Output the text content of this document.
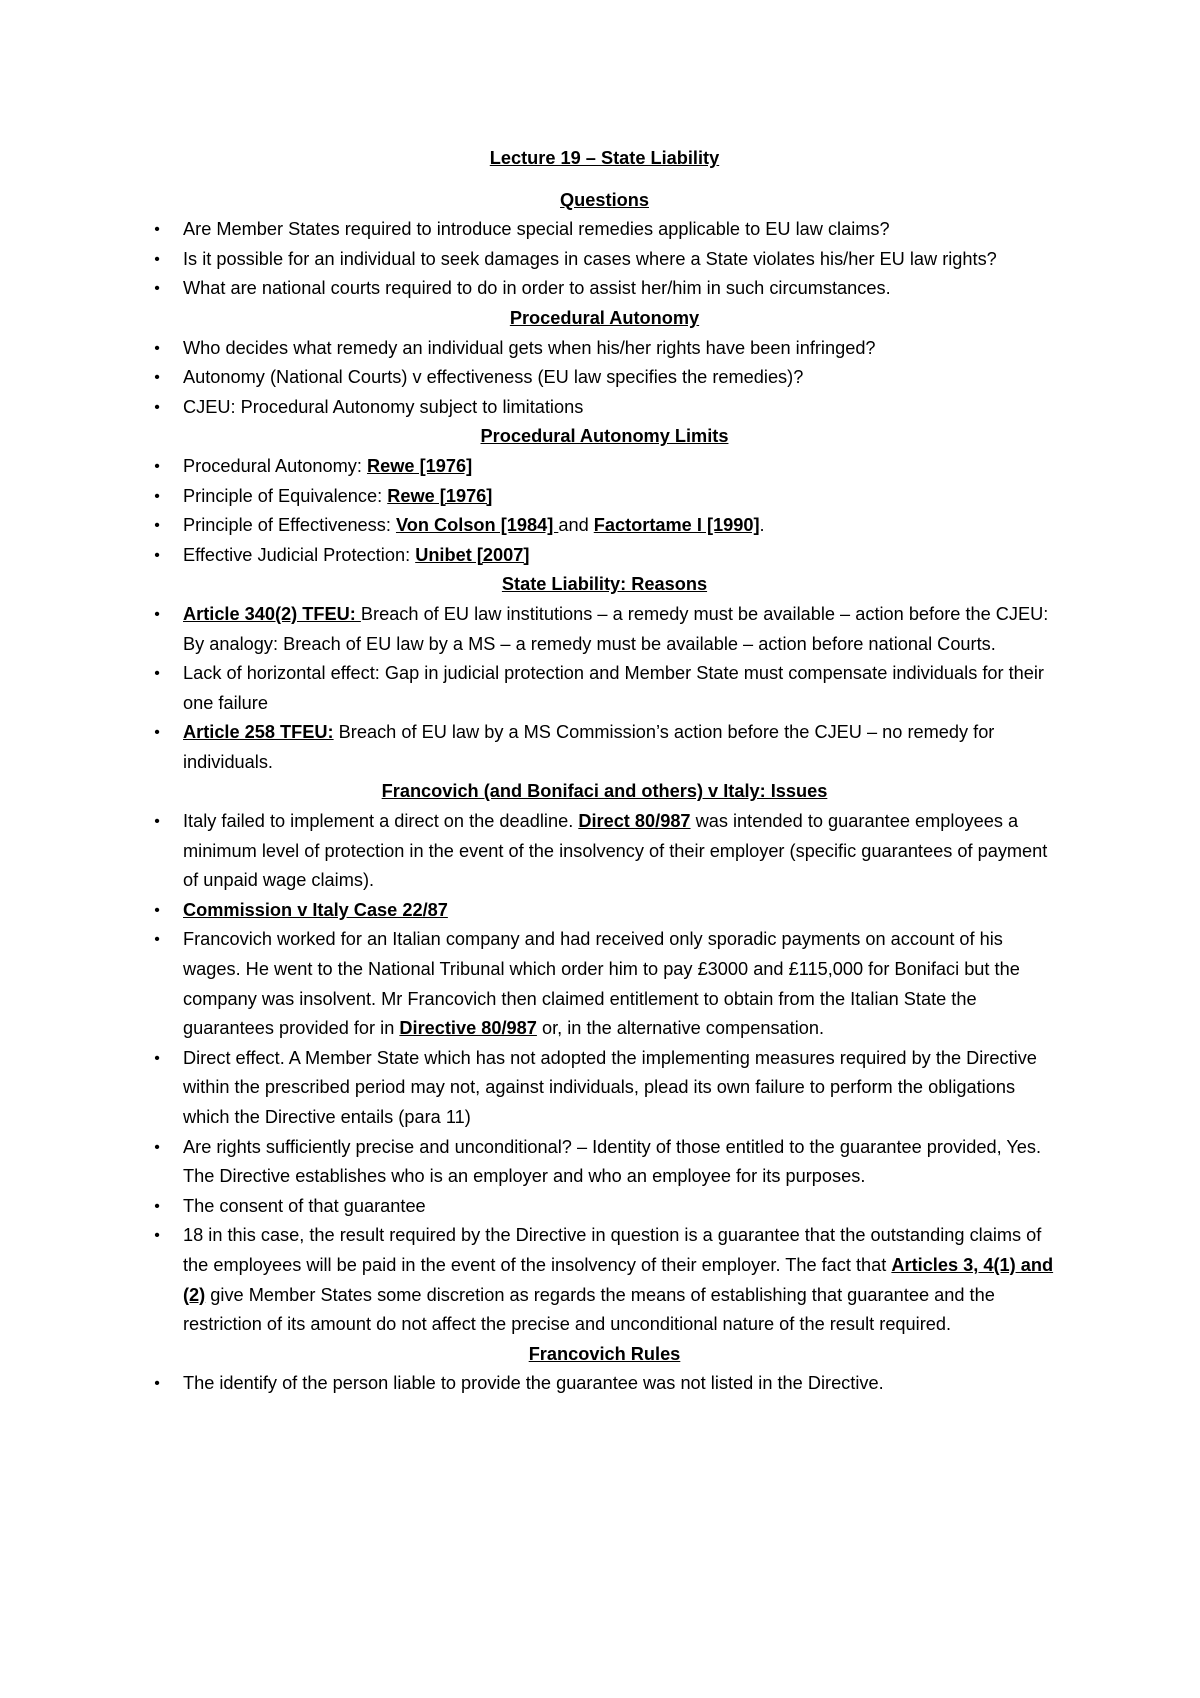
Lecture 19 – State Liability
Questions
• Are Member States required to introduce special remedies applicable to EU law claims?
• Is it possible for an individual to seek damages in cases where a State violates his/her EU law rights?
• What are national courts required to do in order to assist her/him in such circumstances.
Procedural Autonomy
• Who decides what remedy an individual gets when his/her rights have been infringed?
• Autonomy (National Courts) v effectiveness (EU law specifies the remedies)?
• CJEU: Procedural Autonomy subject to limitations
Procedural Autonomy Limits
• Procedural Autonomy: Rewe [1976]
• Principle of Equivalence: Rewe [1976]
• Principle of Effectiveness: Von Colson [1984] and Factortame I [1990].
• Effective Judicial Protection: Unibet [2007]
State Liability: Reasons
• Article 340(2) TFEU: Breach of EU law institutions – a remedy must be available – action before the CJEU: By analogy: Breach of EU law by a MS – a remedy must be available – action before national Courts.
• Lack of horizontal effect: Gap in judicial protection and Member State must compensate individuals for their one failure
• Article 258 TFEU: Breach of EU law by a MS Commission’s action before the CJEU – no remedy for individuals.
Francovich (and Bonifaci and others) v Italy: Issues
• Italy failed to implement a direct on the deadline. Direct 80/987 was intended to guarantee employees a minimum level of protection in the event of the insolvency of their employer (specific guarantees of payment of unpaid wage claims).
• Commission v Italy Case 22/87
• Francovich worked for an Italian company and had received only sporadic payments on account of his wages. He went to the National Tribunal which order him to pay £3000 and £115,000 for Bonifaci but the company was insolvent. Mr Francovich then claimed entitlement to obtain from the Italian State the guarantees provided for in Directive 80/987 or, in the alternative compensation.
• Direct effect. A Member State which has not adopted the implementing measures required by the Directive within the prescribed period may not, against individuals, plead its own failure to perform the obligations which the Directive entails (para 11)
• Are rights sufficiently precise and unconditional? – Identity of those entitled to the guarantee provided, Yes. The Directive establishes who is an employer and who an employee for its purposes.
• The consent of that guarantee
• 18 in this case, the result required by the Directive in question is a guarantee that the outstanding claims of the employees will be paid in the event of the insolvency of their employer. The fact that Articles 3, 4(1) and (2) give Member States some discretion as regards the means of establishing that guarantee and the restriction of its amount do not affect the precise and unconditional nature of the result required.
Francovich Rules
• The identify of the person liable to provide the guarantee was not listed in the Directive.
